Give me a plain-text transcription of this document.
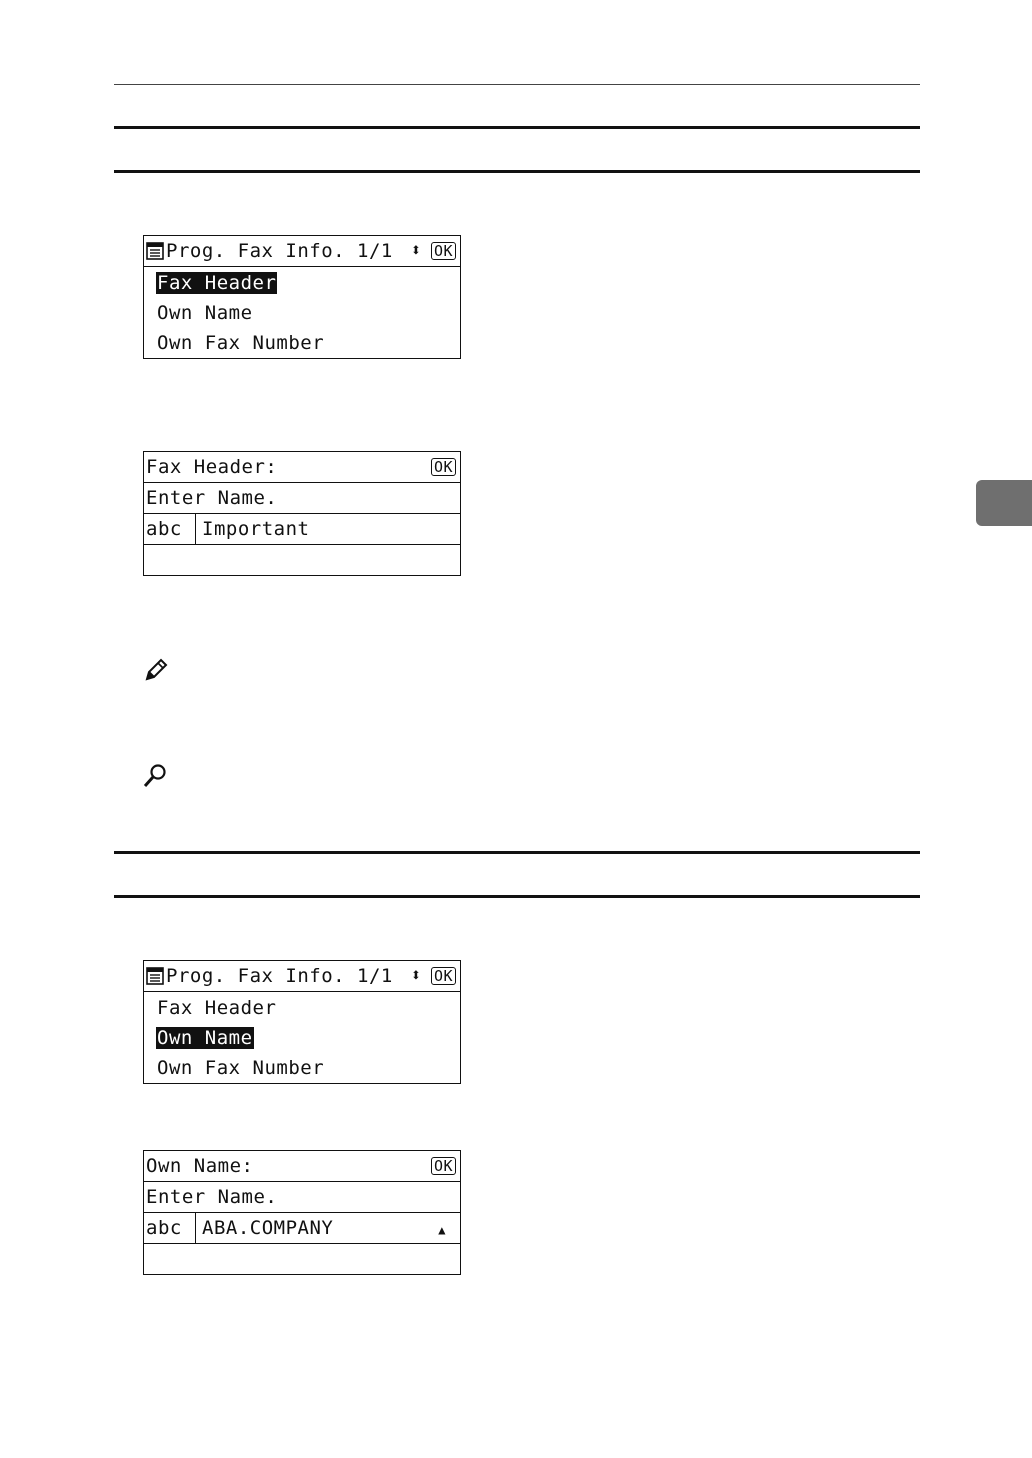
Prog. Fax Info. 1/1 ⬍ OK
Fax Header
Own Name
Own Fax Number
Fax Header:	OK
Enter Name.
abc	Important
Prog. Fax Info. 1/1 ⬍ OK
Fax Header
Own Name
Own Fax Number
Own Name:	OK
Enter Name.
abc	ABA.COMPANY	▲
